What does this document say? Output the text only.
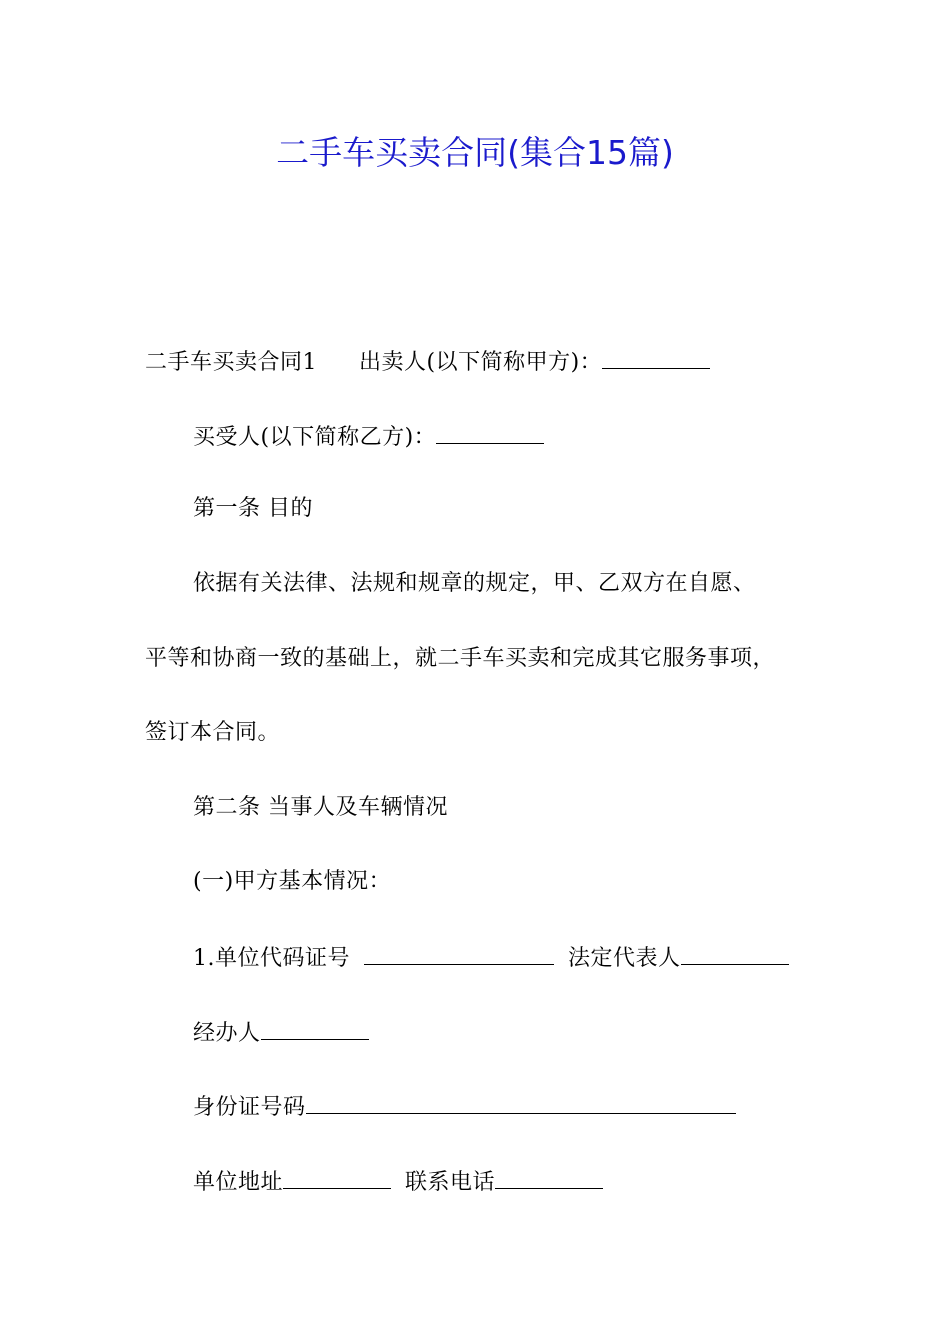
二手车买卖合同(集合15篇)
二手车买卖合同1 出卖人(以下简称甲方)：
买受人(以下简称乙方)：
第一条 目的
依据有关法律、法规和规章的规定，甲、乙双方在自愿、
平等和协商一致的基础上，就二手车买卖和完成其它服务事项，
签订本合同。
第二条 当事人及车辆情况
(一)甲方基本情况：
1.单位代码证号	法定代表人
经办人
身份证号码
单位地址	联系电话
